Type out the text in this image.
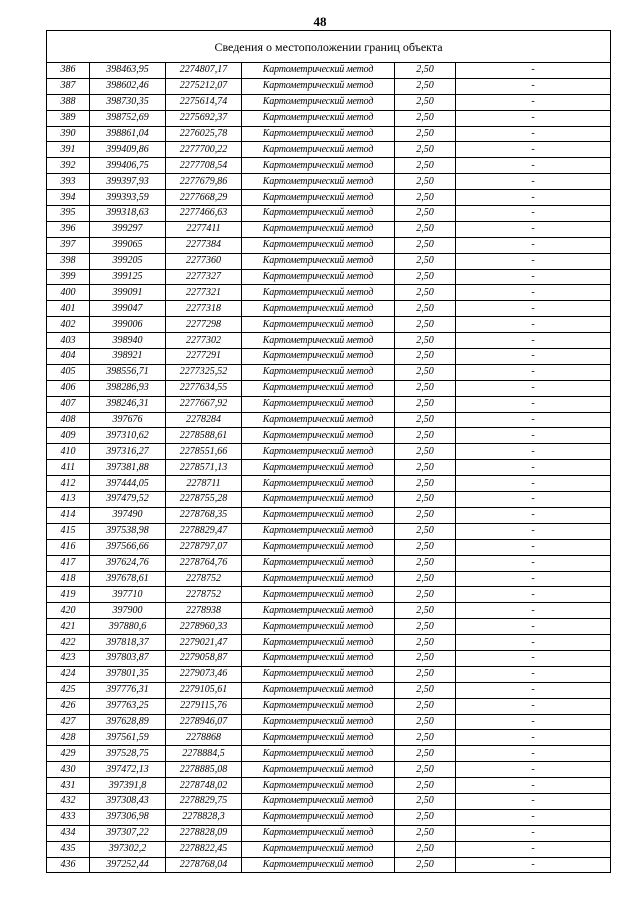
48
Сведения о местоположении границ объекта					
386	398463,95	2274807,17	Картометрический метод	2,50	-
387	398602,46	2275212,07	Картометрический метод	2,50	-
388	398730,35	2275614,74	Картометрический метод	2,50	-
389	398752,69	2275692,37	Картометрический метод	2,50	-
390	398861,04	2276025,78	Картометрический метод	2,50	-
391	399409,86	2277700,22	Картометрический метод	2,50	-
392	399406,75	2277708,54	Картометрический метод	2,50	-
393	399397,93	2277679,86	Картометрический метод	2,50	-
394	399393,59	2277668,29	Картометрический метод	2,50	-
395	399318,63	2277466,63	Картометрический метод	2,50	-
396	399297	2277411	Картометрический метод	2,50	-
397	399065	2277384	Картометрический метод	2,50	-
398	399205	2277360	Картометрический метод	2,50	-
399	399125	2277327	Картометрический метод	2,50	-
400	399091	2277321	Картометрический метод	2,50	-
401	399047	2277318	Картометрический метод	2,50	-
402	399006	2277298	Картометрический метод	2,50	-
403	398940	2277302	Картометрический метод	2,50	-
404	398921	2277291	Картометрический метод	2,50	-
405	398556,71	2277325,52	Картометрический метод	2,50	-
406	398286,93	2277634,55	Картометрический метод	2,50	-
407	398246,31	2277667,92	Картометрический метод	2,50	-
408	397676	2278284	Картометрический метод	2,50	-
409	397310,62	2278588,61	Картометрический метод	2,50	-
410	397316,27	2278551,66	Картометрический метод	2,50	-
411	397381,88	2278571,13	Картометрический метод	2,50	-
412	397444,05	2278711	Картометрический метод	2,50	-
413	397479,52	2278755,28	Картометрический метод	2,50	-
414	397490	2278768,35	Картометрический метод	2,50	-
415	397538,98	2278829,47	Картометрический метод	2,50	-
416	397566,66	2278797,07	Картометрический метод	2,50	-
417	397624,76	2278764,76	Картометрический метод	2,50	-
418	397678,61	2278752	Картометрический метод	2,50	-
419	397710	2278752	Картометрический метод	2,50	-
420	397900	2278938	Картометрический метод	2,50	-
421	397880,6	2278960,33	Картометрический метод	2,50	-
422	397818,37	2279021,47	Картометрический метод	2,50	-
423	397803,87	2279058,87	Картометрический метод	2,50	-
424	397801,35	2279073,46	Картометрический метод	2,50	-
425	397776,31	2279105,61	Картометрический метод	2,50	-
426	397763,25	2279115,76	Картометрический метод	2,50	-
427	397628,89	2278946,07	Картометрический метод	2,50	-
428	397561,59	2278868	Картометрический метод	2,50	-
429	397528,75	2278884,5	Картометрический метод	2,50	-
430	397472,13	2278885,08	Картометрический метод	2,50	-
431	397391,8	2278748,02	Картометрический метод	2,50	-
432	397308,43	2278829,75	Картометрический метод	2,50	-
433	397306,98	2278828,3	Картометрический метод	2,50	-
434	397307,22	2278828,09	Картометрический метод	2,50	-
435	397302,2	2278822,45	Картометрический метод	2,50	-
436	397252,44	2278768,04	Картометрический метод	2,50	-
